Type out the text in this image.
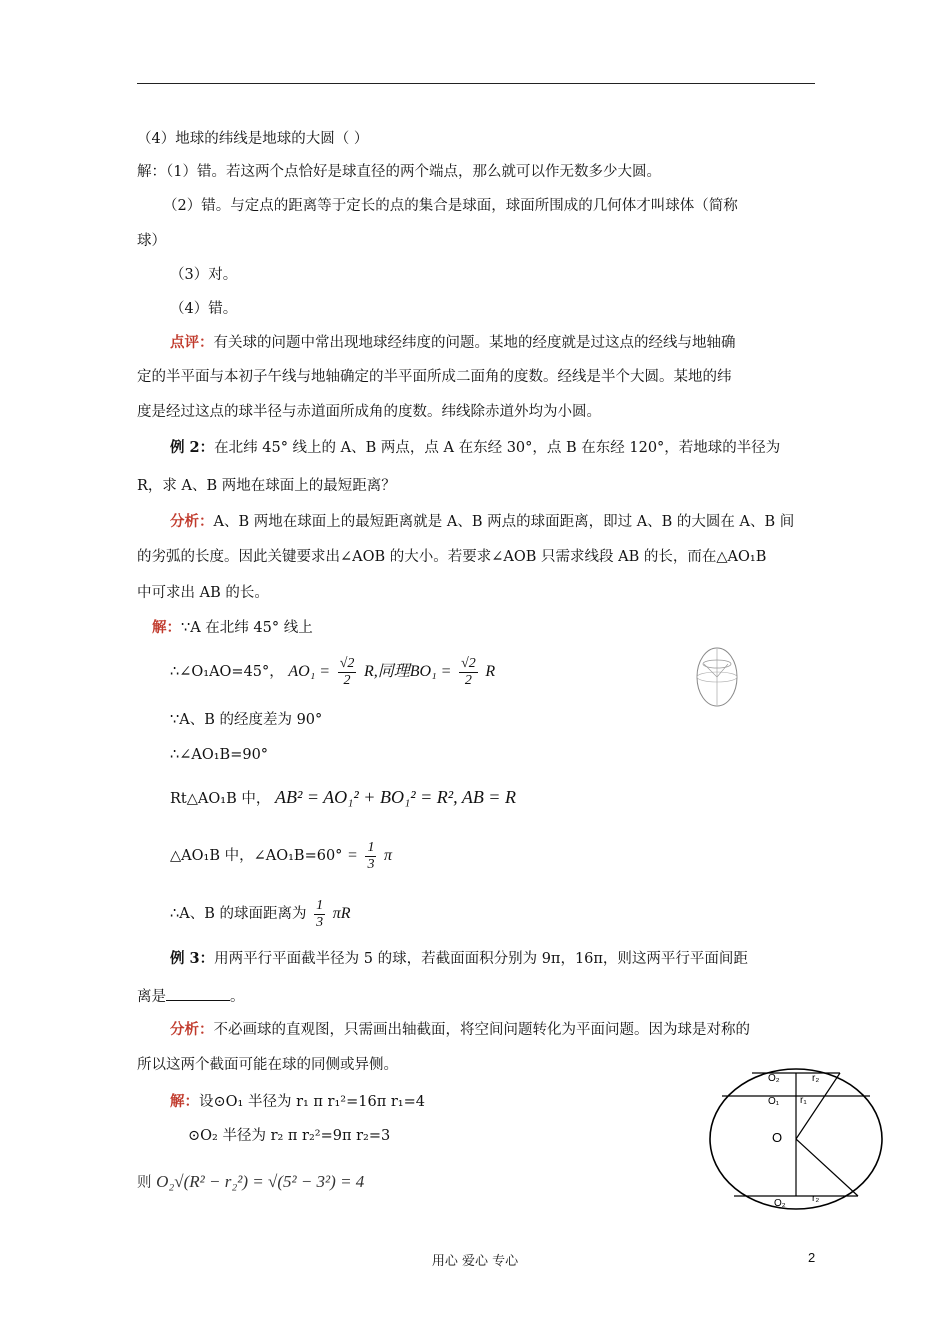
（4）地球的纬线是地球的大圆（ ）
解：（1）错。若这两个点恰好是球直径的两个端点，那么就可以作无数多少大圆。
（2）错。与定点的距离等于定长的点的集合是球面，球面所围成的几何体才叫球体（简称
球）
（3）对。
（4）错。
点评：有关球的问题中常出现地球经纬度的问题。某地的经度就是过这点的经线与地轴确
定的半平面与本初子午线与地轴确定的半平面所成二面角的度数。经线是半个大圆。某地的纬
度是经过这点的球半径与赤道面所成角的度数。纬线除赤道外均为小圆。
例 2：在北纬 45° 线上的 A、B 两点，点 A 在东经 30°，点 B 在东经 120°，若地球的半径为
R，求 A、B 两地在球面上的最短距离？
分析：A、B 两地在球面上的最短距离就是 A、B 两点的球面距离，即过 A、B 的大圆在 A、B 间
的劣弧的长度。因此关键要求出∠AOB 的大小。若要求∠AOB 只需求线段 AB 的长，而在△AO₁B
中可求出 AB 的长。
解：∵A 在北纬 45° 线上
∴∠O₁AO=45°， $AO_1 = \frac{√2}{2} R$,同理$BO_1 = \frac{√2}{2}$ R
∵A、B 的经度差为 90°
∴∠AO₁B=90°
Rt△AO₁B 中， AB² = AO₁² + BO₁² = R², AB = R
△AO₁B 中，∠AO₁B=60° = $\frac{1}{3}$ π
∴A、B 的球面距离为 $\frac{1}{3}$ πR
例 3：用两平行平面截半径为 5 的球，若截面面积分别为 9π，16π，则这两平行平面间距
离是	。
分析：不必画球的直观图，只需画出轴截面，将空间问题转化为平面问题。因为球是对称的
所以这两个截面可能在球的同侧或异侧。
解：设⊙O₁ 半径为 r₁ π r₁²=16π r₁=4
⊙O₂ 半径为 r₂ π r₂²=9π r₂=3
则 O₂√(R² − r₂²) = √(5² − 3²) = 4
O₂	r₂
O₁ r₁
O
O₂	r₂
用心 爱心 专心	2
